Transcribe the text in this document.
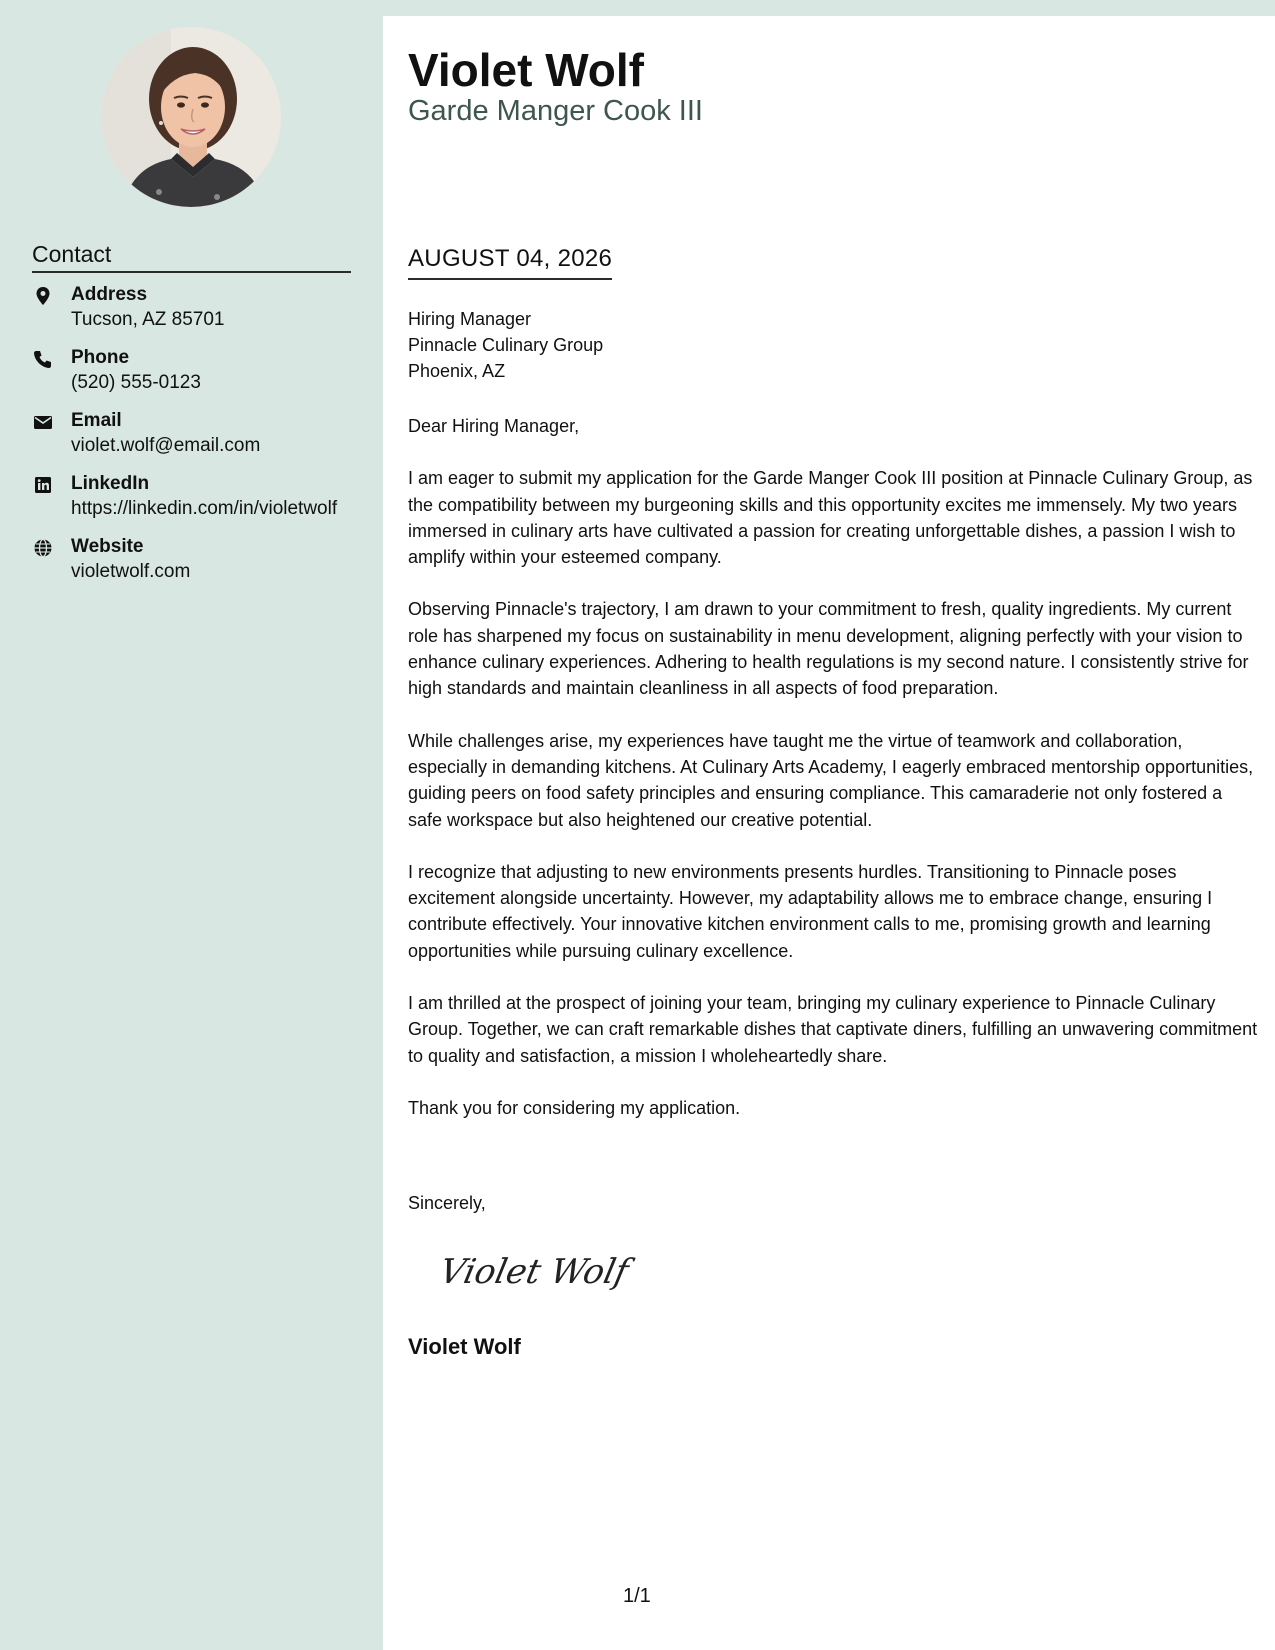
Contact
Address
Tucson, AZ 85701
Phone
(520) 555-0123
Email
violet.wolf@email.com
LinkedIn
https://linkedin.com/in/violetwolf
Website
violetwolf.com
Violet Wolf
Garde Manger Cook III
AUGUST 04, 2026
Hiring Manager
Pinnacle Culinary Group
Phoenix, AZ

Dear Hiring Manager,

I am eager to submit my application for the Garde Manger Cook III position at Pinnacle Culinary Group, as the compatibility between my burgeoning skills and this opportunity excites me immensely. My two years immersed in culinary arts have cultivated a passion for creating unforgettable dishes, a passion I wish to amplify within your esteemed company.

Observing Pinnacle's trajectory, I am drawn to your commitment to fresh, quality ingredients. My current role has sharpened my focus on sustainability in menu development, aligning perfectly with your vision to enhance culinary experiences. Adhering to health regulations is my second nature. I consistently strive for high standards and maintain cleanliness in all aspects of food preparation.

While challenges arise, my experiences have taught me the virtue of teamwork and collaboration, especially in demanding kitchens. At Culinary Arts Academy, I eagerly embraced mentorship opportunities, guiding peers on food safety principles and ensuring compliance. This camaraderie not only fostered a safe workspace but also heightened our creative potential.

I recognize that adjusting to new environments presents hurdles. Transitioning to Pinnacle poses excitement alongside uncertainty. However, my adaptability allows me to embrace change, ensuring I contribute effectively. Your innovative kitchen environment calls to me, promising growth and learning opportunities while pursuing culinary excellence.

I am thrilled at the prospect of joining your team, bringing my culinary experience to Pinnacle Culinary Group. Together, we can craft remarkable dishes that captivate diners, fulfilling an unwavering commitment to quality and satisfaction, a mission I wholeheartedly share.

Thank you for considering my application.

Sincerely,
Violet Wolf
Violet Wolf
1/1
